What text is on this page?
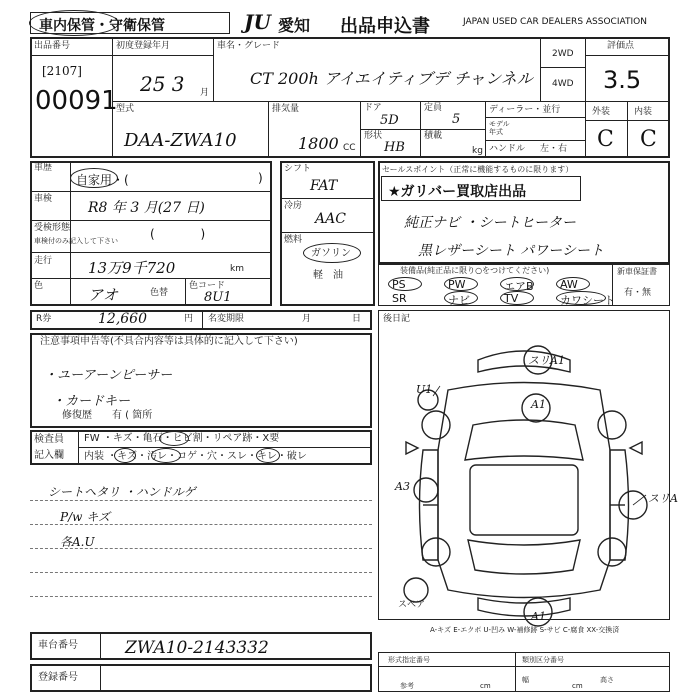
車内保管・守衛保管	JU 愛知 出品申込書	JAPAN USED CAR DEALERS ASSOCIATION
出品番号
[2107]
00091
初度登録年月
25 3 月
車名・グレード
CT 200h アイエイティブデ チャンネル
2WD
4WD
評価点
3.5
外装	内装
C C
型式
DAA-ZWA10
排気量
1800 CC
ドア
5D
定員
5
形状
HB
積載
kg
ディーラー・並行
モデル
年式
ハンドル 左・右
車歴
自家用・(	)
車検
R8 年 3 月(27 日)
受検形態
車検付のみ記入して下さい	(            )
走行 13万9千720	km
色	アオ	色替
色コード
8U1
シフト
FAT
冷房
AAC
燃料
ガソリン
軽　油
セールスポイント（正常に機能するものに限ります）
★ガリバー買取店出品
純正ナビ ・シートヒーター
黒レザーシート パワーシート
装備品(純正品に限り○をつけてください)	新車保証書
有・無
PS	PW	エアB AW
SR	ナビ	TV	カワシート
R券	12,660	円 名変期限	月	日
注意事項申告等(不具合内容等は具体的に記入して下さい)
・ユーアーンピーサー
・カードキー
修復歴 有 ( 箇所
検査員
記入欄
FW ・キズ・亀石・ヒビ割・リペア跡・X要
内装 ・キズ・汚レ・コゲ・穴・スレ・キレ・破レ
シートヘタリ ・ハンドルゲ
P/w キズ
各A.U
後日記
スリA1
A1
U1
A3
スリA
A1
スペア
A-キズ E-エクボ U-凹み W-補修跡 S-サビ C-腐食 XX-交換済
車台番号	ZWA10-2143332
登録番号
形式指定番号
参考	cm
類別区分番号
幅
cm
高さ
